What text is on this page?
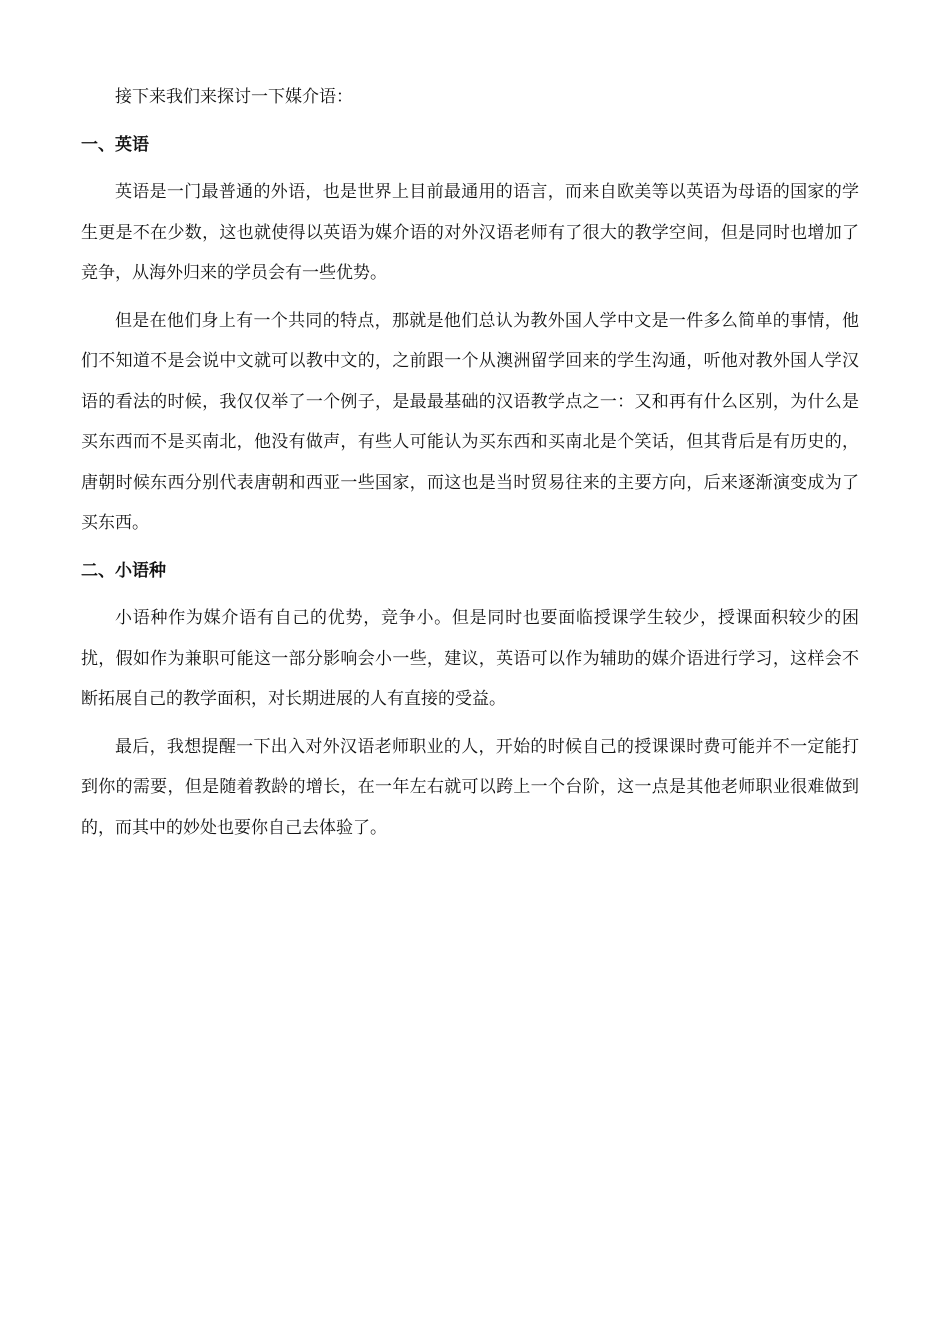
接下来我们来探讨一下媒介语：

一、英语

英语是一门最普通的外语，也是世界上目前最通用的语言，而来自欧美等以英语为母语的国家的学生更是不在少数，这也就使得以英语为媒介语的对外汉语老师有了很大的教学空间，但是同时也增加了竞争，从海外归来的学员会有一些优势。

但是在他们身上有一个共同的特点，那就是他们总认为教外国人学中文是一件多么简单的事情，他们不知道不是会说中文就可以教中文的，之前跟一个从澳洲留学回来的学生沟通，听他对教外国人学汉语的看法的时候，我仅仅举了一个例子，是最最基础的汉语教学点之一：又和再有什么区别，为什么是买东西而不是买南北，他没有做声，有些人可能认为买东西和买南北是个笑话，但其背后是有历史的，唐朝时候东西分别代表唐朝和西亚一些国家，而这也是当时贸易往来的主要方向，后来逐渐演变成为了买东西。

二、小语种

小语种作为媒介语有自己的优势，竞争小。但是同时也要面临授课学生较少，授课面积较少的困扰，假如作为兼职可能这一部分影响会小一些，建议，英语可以作为辅助的媒介语进行学习，这样会不断拓展自己的教学面积，对长期进展的人有直接的受益。

最后，我想提醒一下出入对外汉语老师职业的人，开始的时候自己的授课课时费可能并不一定能打到你的需要，但是随着教龄的增长，在一年左右就可以跨上一个台阶，这一点是其他老师职业很难做到的，而其中的妙处也要你自己去体验了。
